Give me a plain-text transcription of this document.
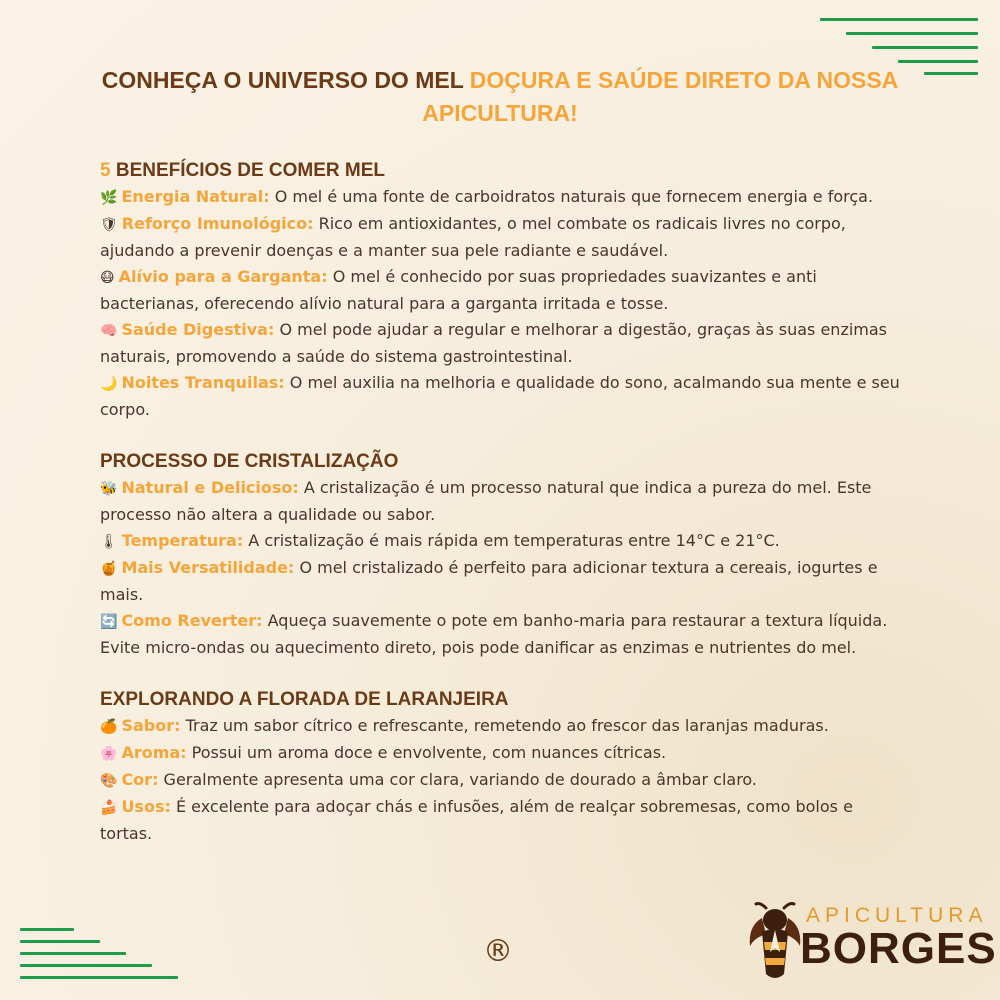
CONHEÇA O UNIVERSO DO MEL DOÇURA E SAÚDE DIRETO DA NOSSA APICULTURA!
5 BENEFÍCIOS DE COMER MEL

🌿 Energia Natural: O mel é uma fonte de carboidratos naturais que fornecem energia e força.

🛡 Reforço Imunológico: Rico em antioxidantes, o mel combate os radicais livres no corpo, ajudando a prevenir doenças e a manter sua pele radiante e saudável.

😷 Alívio para a Garganta: O mel é conhecido por suas propriedades suavizantes e anti bacterianas, oferecendo alívio natural para a garganta irritada e tosse.

🧠 Saúde Digestiva: O mel pode ajudar a regular e melhorar a digestão, graças às suas enzimas naturais, promovendo a saúde do sistema gastrointestinal.

🌙 Noites Tranquilas: O mel auxilia na melhoria e qualidade do sono, acalmando sua mente e seu corpo.

PROCESSO DE CRISTALIZAÇÃO

🐝 Natural e Delicioso: A cristalização é um processo natural que indica a pureza do mel. Este processo não altera a qualidade ou sabor.

🌡 Temperatura: A cristalização é mais rápida em temperaturas entre 14°C e 21°C.

🍯 Mais Versatilidade: O mel cristalizado é perfeito para adicionar textura a cereais, iogurtes e mais.

🔄 Como Reverter: Aqueça suavemente o pote em banho-maria para restaurar a textura líquida. Evite micro-ondas ou aquecimento direto, pois pode danificar as enzimas e nutrientes do mel.

EXPLORANDO A FLORADA DE LARANJEIRA

🍊 Sabor: Traz um sabor cítrico e refrescante, remetendo ao frescor das laranjas maduras.

🌸 Aroma: Possui um aroma doce e envolvente, com nuances cítricas.

🎨 Cor: Geralmente apresenta uma cor clara, variando de dourado a âmbar claro.

🍰 Usos: É excelente para adoçar chás e infusões, além de realçar sobremesas, como bolos e tortas.

®
APICULTURA
BORGES
